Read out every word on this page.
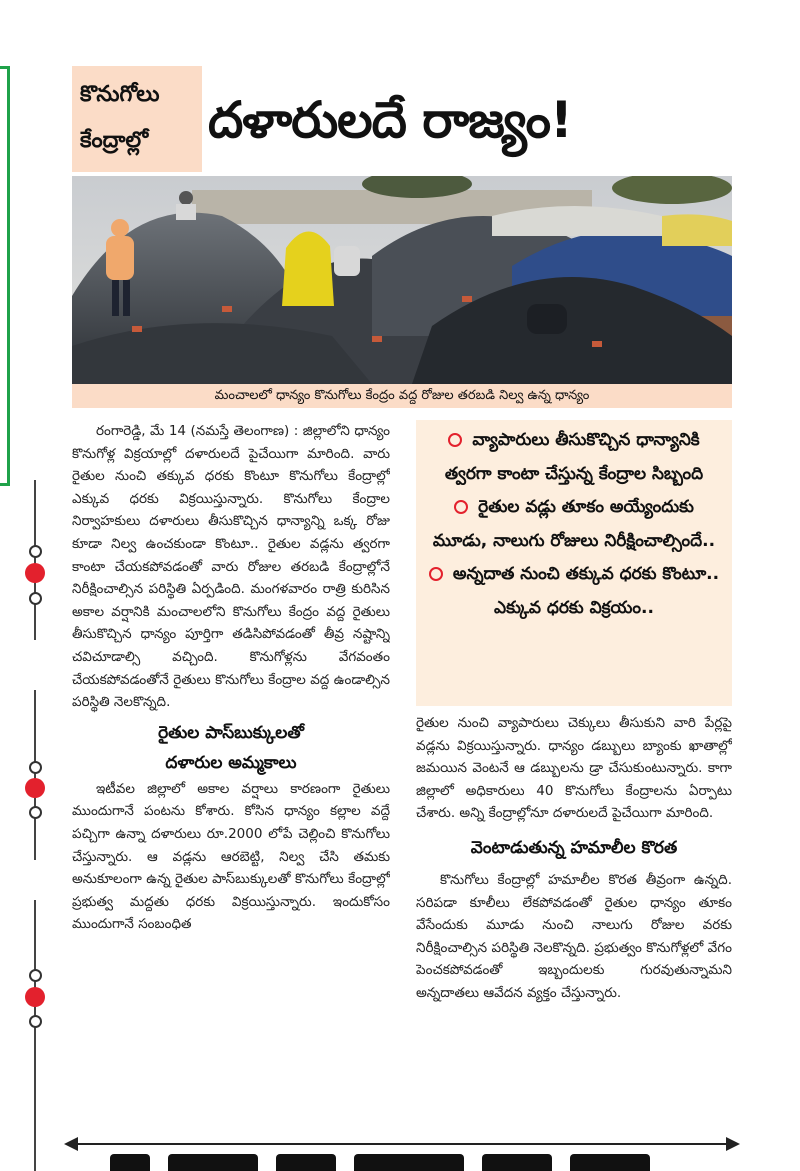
కొనుగోలు
కేంద్రాల్లో	దళారులదే రాజ్యం!
మంచాలలో ధాన్యం కొనుగోలు కేంద్రం వద్ద రోజుల తరబడి నిల్వ ఉన్న ధాన్యం

రంగారెడ్డి, మే 14 (నమస్తే తెలంగాణ) : జిల్లాలోని ధాన్యం కొనుగోళ్ల విక్రయాల్లో దళారులదే పైచేయిగా మారింది. వారు రైతుల నుంచి తక్కువ ధరకు కొంటూ కొనుగోలు కేంద్రాల్లో ఎక్కువ ధరకు విక్రయిస్తున్నారు. కొనుగోలు కేంద్రాల నిర్వాహకులు దళారులు తీసుకొచ్చిన ధాన్యాన్ని ఒక్క రోజు కూడా నిల్వ ఉంచకుండా కొంటూ.. రైతుల వడ్లను త్వరగా కాంటా చేయకపోవడంతో వారు రోజుల తరబడి కేంద్రాల్లోనే నిరీక్షించాల్సిన పరిస్థితి ఏర్పడింది. మంగళవారం రాత్రి కురిసిన అకాల వర్షానికి మంచాలలోని కొనుగోలు కేంద్రం వద్ద రైతులు తీసుకొచ్చిన ధాన్యం పూర్తిగా తడిసిపోవడంతో తీవ్ర నష్టాన్ని చవిచూడాల్సి వచ్చింది. కొనుగోళ్లను వేగవంతం చేయకపోవడంతోనే రైతులు కొనుగోలు కేంద్రాల వద్ద ఉండాల్సిన పరిస్థితి నెలకొన్నది.

రైతుల పాస్‌బుక్కులతో
దళారుల అమ్మకాలు

ఇటీవల జిల్లాలో అకాల వర్షాలు కారణంగా రైతులు ముందుగానే పంటను కోశారు. కోసిన ధాన్యం కల్లాల వద్దే పచ్చిగా ఉన్నా దళారులు రూ.2000 లోపే చెల్లించి కొనుగోలు చేస్తున్నారు. ఆ వడ్లను ఆరబెట్టి, నిల్వ చేసి తమకు అనుకూలంగా ఉన్న రైతుల పాస్‌బుక్కులతో కొనుగోలు కేంద్రాల్లో ప్రభుత్వ మద్దతు ధరకు విక్రయిస్తున్నారు. ఇందుకోసం ముందుగానే సంబంధిత

వ్యాపారులు తీసుకొచ్చిన ధాన్యానికి త్వరగా కాంటా చేస్తున్న కేంద్రాల సిబ్బంది
రైతుల వడ్లు తూకం అయ్యేందుకు మూడు, నాలుగు రోజులు నిరీక్షించాల్సిందే..
అన్నదాత నుంచి తక్కువ ధరకు కొంటూ.. ఎక్కువ ధరకు విక్రయం..

రైతుల నుంచి వ్యాపారులు చెక్కులు తీసుకుని వారి పేర్లపై వడ్లను విక్రయిస్తున్నారు. ధాన్యం డబ్బులు బ్యాంకు ఖాతాల్లో జమయిన వెంటనే ఆ డబ్బులను డ్రా చేసుకుంటున్నారు. కాగా జిల్లాలో అధికారులు 40 కొనుగోలు కేంద్రాలను ఏర్పాటు చేశారు. అన్ని కేంద్రాల్లోనూ దళారులదే పైచేయిగా మారింది.

వెంటాడుతున్న హమాలీల కొరత

కొనుగోలు కేంద్రాల్లో హమాలీల కొరత తీవ్రంగా ఉన్నది. సరిపడా కూలీలు లేకపోవడంతో రైతుల ధాన్యం తూకం వేసేందుకు మూడు నుంచి నాలుగు రోజుల వరకు నిరీక్షించాల్సిన పరిస్థితి నెలకొన్నది. ప్రభుత్వం కొనుగోళ్లలో వేగం పెంచకపోవడంతో ఇబ్బందులకు గురవుతున్నామని అన్నదాతలు ఆవేదన వ్యక్తం చేస్తున్నారు.
